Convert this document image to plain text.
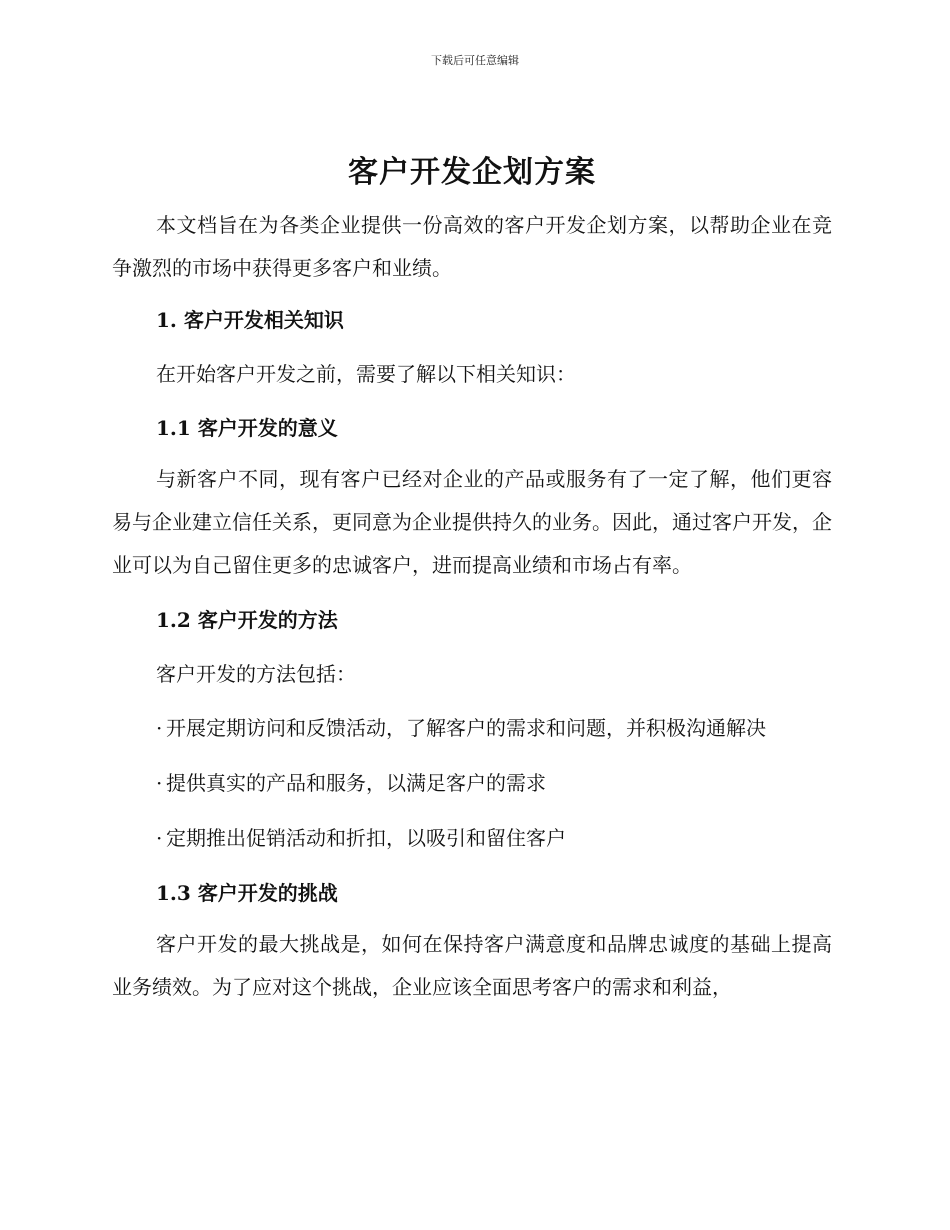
下载后可任意编辑
客户开发企划方案

本文档旨在为各类企业提供一份高效的客户开发企划方案，以帮助企业在竞争激烈的市场中获得更多客户和业绩。

1. 客户开发相关知识

在开始客户开发之前，需要了解以下相关知识：

1.1 客户开发的意义

与新客户不同，现有客户已经对企业的产品或服务有了一定了解，他们更容易与企业建立信任关系，更同意为企业提供持久的业务。因此，通过客户开发，企业可以为自己留住更多的忠诚客户，进而提高业绩和市场占有率。

1.2 客户开发的方法

客户开发的方法包括：

· 开展定期访问和反馈活动，了解客户的需求和问题，并积极沟通解决

· 提供真实的产品和服务，以满足客户的需求

· 定期推出促销活动和折扣，以吸引和留住客户

1.3 客户开发的挑战

客户开发的最大挑战是，如何在保持客户满意度和品牌忠诚度的基础上提高业务绩效。为了应对这个挑战，企业应该全面思考客户的需求和利益，
